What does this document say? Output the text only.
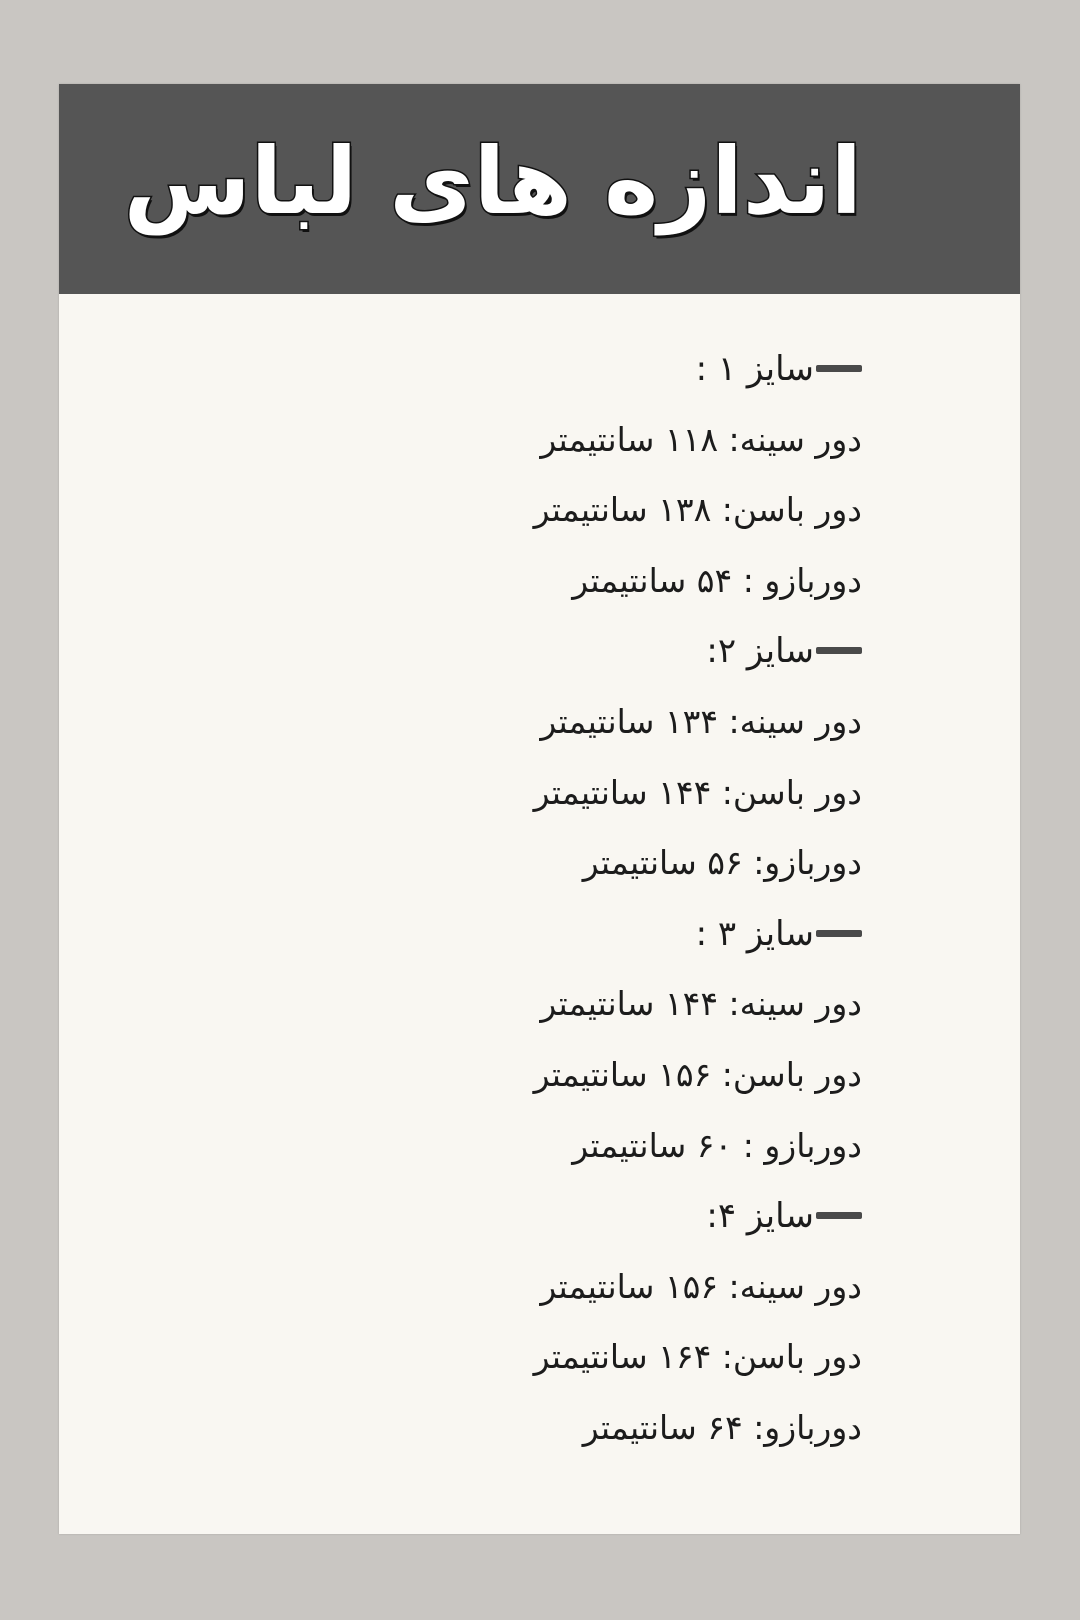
اندازه های لباس
سایز ۱ :
دور سینه: ۱۱۸ سانتیمتر
دور باسن: ۱۳۸ سانتیمتر
دوربازو : ۵۴ سانتیمتر
سایز ۲:
دور سینه: ۱۳۴ سانتیمتر
دور باسن: ۱۴۴ سانتیمتر
دوربازو: ۵۶ سانتیمتر
سایز ۳ :
دور سینه: ۱۴۴ سانتیمتر
دور باسن: ۱۵۶ سانتیمتر
دوربازو : ۶۰ سانتیمتر
سایز ۴:
دور سینه: ۱۵۶ سانتیمتر
دور باسن: ۱۶۴ سانتیمتر
دوربازو: ۶۴ سانتیمتر
